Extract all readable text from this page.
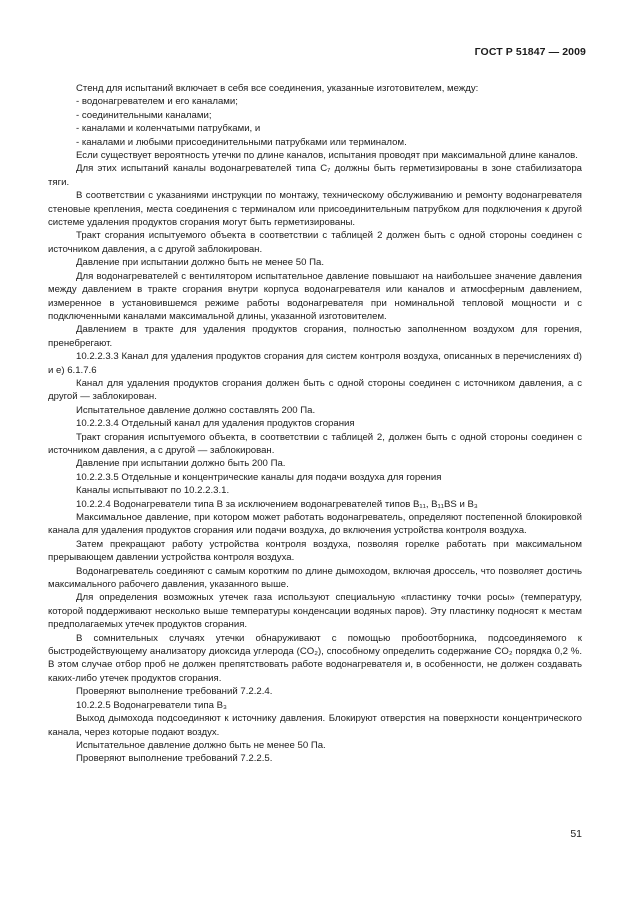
ГОСТ Р 51847 — 2009

Стенд для испытаний включает в себя все соединения, указанные изготовителем, между:

- водонагревателем и его каналами;

- соединительными каналами;

- каналами и коленчатыми патрубками, и

- каналами и любыми присоединительными патрубками или терминалом.

Если существует вероятность утечки по длине каналов, испытания проводят при максимальной длине каналов.

Для этих испытаний каналы водонагревателей типа C₇ должны быть герметизированы в зоне стабилизатора тяги.

В соответствии с указаниями инструкции по монтажу, техническому обслуживанию и ремонту водонагревателя стеновые крепления, места соединения с терминалом или присоединительным патрубком для подключения к другой системе удаления продуктов сгорания могут быть герметизированы.

Тракт сгорания испытуемого объекта в соответствии с таблицей 2 должен быть с одной стороны соединен с источником давления, а с другой заблокирован.

Давление при испытании должно быть не менее 50 Па.

Для водонагревателей с вентилятором испытательное давление повышают на наибольшее значение давления между давлением в тракте сгорания внутри корпуса водонагревателя или каналов и атмосферным давлением, измеренное в установившемся режиме работы водонагревателя при номинальной тепловой мощности и с подключенными каналами максимальной длины, указанной изготовителем.

Давлением в тракте для удаления продуктов сгорания, полностью заполненном воздухом для горения, пренебрегают.

10.2.2.3.3 Канал для удаления продуктов сгорания для систем контроля воздуха, описанных в перечислениях d) и e) 6.1.7.6

Канал для удаления продуктов сгорания должен быть с одной стороны соединен с источником давления, а с другой — заблокирован.

Испытательное давление должно составлять 200 Па.

10.2.2.3.4 Отдельный канал для удаления продуктов сгорания

Тракт сгорания испытуемого объекта, в соответствии с таблицей 2, должен быть с одной стороны соединен с источником давления, а с другой — заблокирован.

Давление при испытании должно быть 200 Па.

10.2.2.3.5 Отдельные и концентрические каналы для подачи воздуха для горения

Каналы испытывают по 10.2.2.3.1.

10.2.2.4 Водонагреватели типа B за исключением водонагревателей типов B₁₁, B₁₁BS и B₃

Максимальное давление, при котором может работать водонагреватель, определяют постепенной блокировкой канала для удаления продуктов сгорания или подачи воздуха, до включения устройства контроля воздуха.

Затем прекращают работу устройства контроля воздуха, позволяя горелке работать при максимальном прерывающем давлении устройства контроля воздуха.

Водонагреватель соединяют с самым коротким по длине дымоходом, включая дроссель, что позволяет достичь максимального рабочего давления, указанного выше.

Для определения возможных утечек газа используют специальную «пластинку точки росы» (температуру, которой поддерживают несколько выше температуры конденсации водяных паров). Эту пластинку подносят к местам предполагаемых утечек продуктов сгорания.

В сомнительных случаях утечки обнаруживают с помощью пробоотборника, подсоединяемого к быстродействующему анализатору диоксида углерода (CO₂), способному определить содержание CO₂ порядка 0,2 %. В этом случае отбор проб не должен препятствовать работе водонагревателя и, в особенности, не должен создавать каких-либо утечек продуктов сгорания.

Проверяют выполнение требований 7.2.2.4.

10.2.2.5 Водонагреватели типа B₃

Выход дымохода подсоединяют к источнику давления. Блокируют отверстия на поверхности концентрического канала, через которые подают воздух.

Испытательное давление должно быть не менее 50 Па.

Проверяют выполнение требований 7.2.2.5.

51
